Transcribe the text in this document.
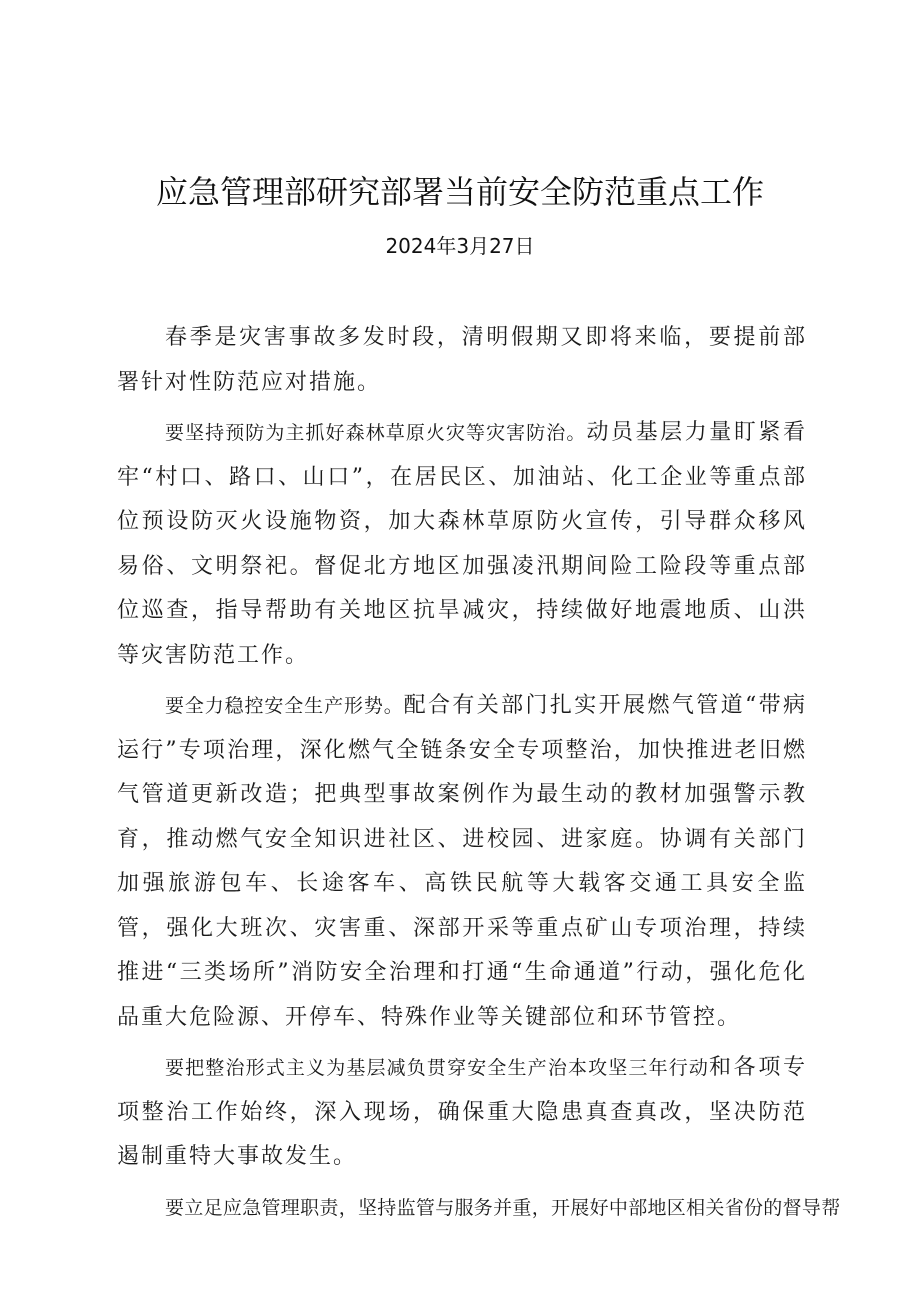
应急管理部研究部署当前安全防范重点工作
2024年3月27日

春季是灾害事故多发时段，清明假期又即将来临，要提前部署针对性防范应对措施。

要坚持预防为主抓好森林草原火灾等灾害防治。动员基层力量盯紧看牢“村口、路口、山口”，在居民区、加油站、化工企业等重点部位预设防灭火设施物资，加大森林草原防火宣传，引导群众移风易俗、文明祭祀。督促北方地区加强凌汛期间险工险段等重点部位巡查，指导帮助有关地区抗旱减灾，持续做好地震地质、山洪等灾害防范工作。

要全力稳控安全生产形势。配合有关部门扎实开展燃气管道“带病运行”专项治理，深化燃气全链条安全专项整治，加快推进老旧燃气管道更新改造；把典型事故案例作为最生动的教材加强警示教育，推动燃气安全知识进社区、进校园、进家庭。协调有关部门加强旅游包车、长途客车、高铁民航等大载客交通工具安全监管，强化大班次、灾害重、深部开采等重点矿山专项治理，持续推进“三类场所”消防安全治理和打通“生命通道”行动，强化危化品重大危险源、开停车、特殊作业等关键部位和环节管控。

要把整治形式主义为基层减负贯穿安全生产治本攻坚三年行动和各项专项整治工作始终，深入现场，确保重大隐患真查真改，坚决防范遏制重特大事故发生。

要立足应急管理职责，坚持监管与服务并重，开展好中部地区相关省份的督导帮
